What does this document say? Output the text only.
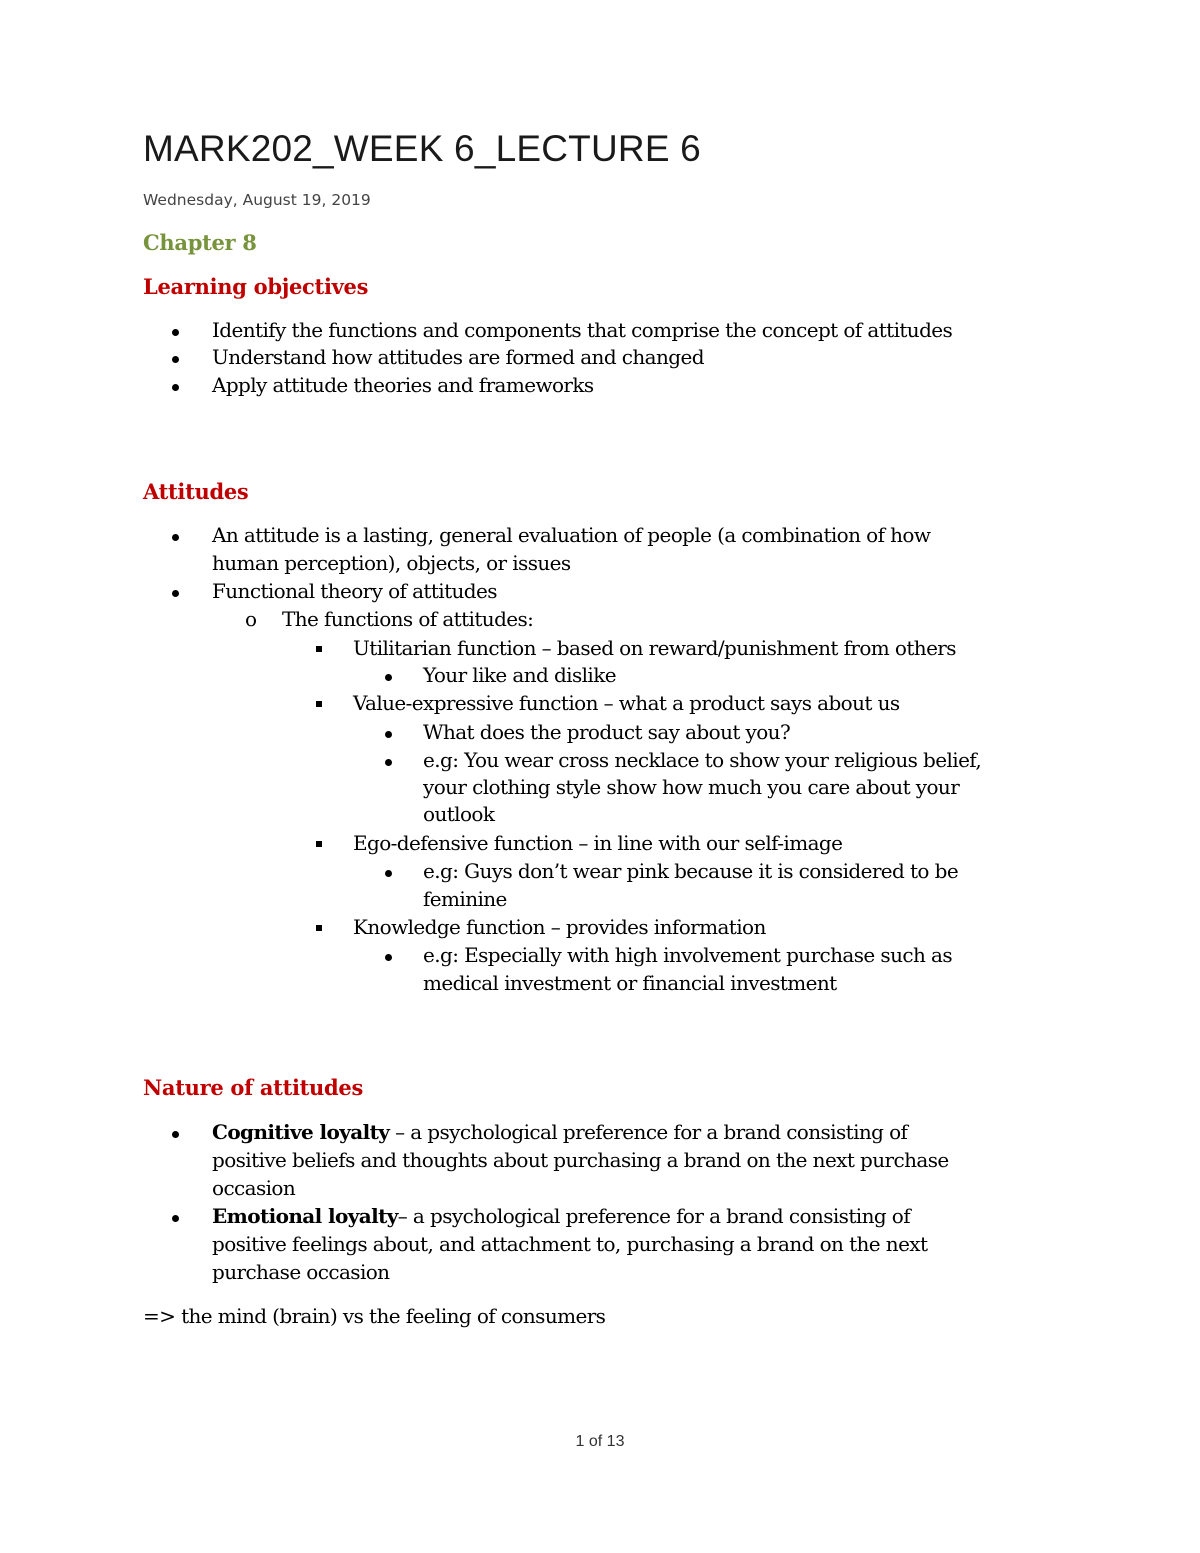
MARK202_WEEK 6_LECTURE 6
Wednesday, August 19, 2019
Chapter 8
Learning objectives
Identify the functions and components that comprise the concept of attitudes
Understand how attitudes are formed and changed
Apply attitude theories and frameworks
Attitudes
An attitude is a lasting, general evaluation of people (a combination of how
human perception), objects, or issues
Functional theory of attitudes
o The functions of attitudes:
Utilitarian function – based on reward/punishment from others
Your like and dislike
Value-expressive function – what a product says about us
What does the product say about you?
e.g: You wear cross necklace to show your religious belief,
your clothing style show how much you care about your
outlook
Ego-defensive function – in line with our self-image
e.g: Guys don’t wear pink because it is considered to be
feminine
Knowledge function – provides information
e.g: Especially with high involvement purchase such as
medical investment or financial investment
Nature of attitudes
Cognitive loyalty – a psychological preference for a brand consisting of
positive beliefs and thoughts about purchasing a brand on the next purchase
occasion
Emotional loyalty– a psychological preference for a brand consisting of
positive feelings about, and attachment to, purchasing a brand on the next
purchase occasion
=> the mind (brain) vs the feeling of consumers
1 of 13
